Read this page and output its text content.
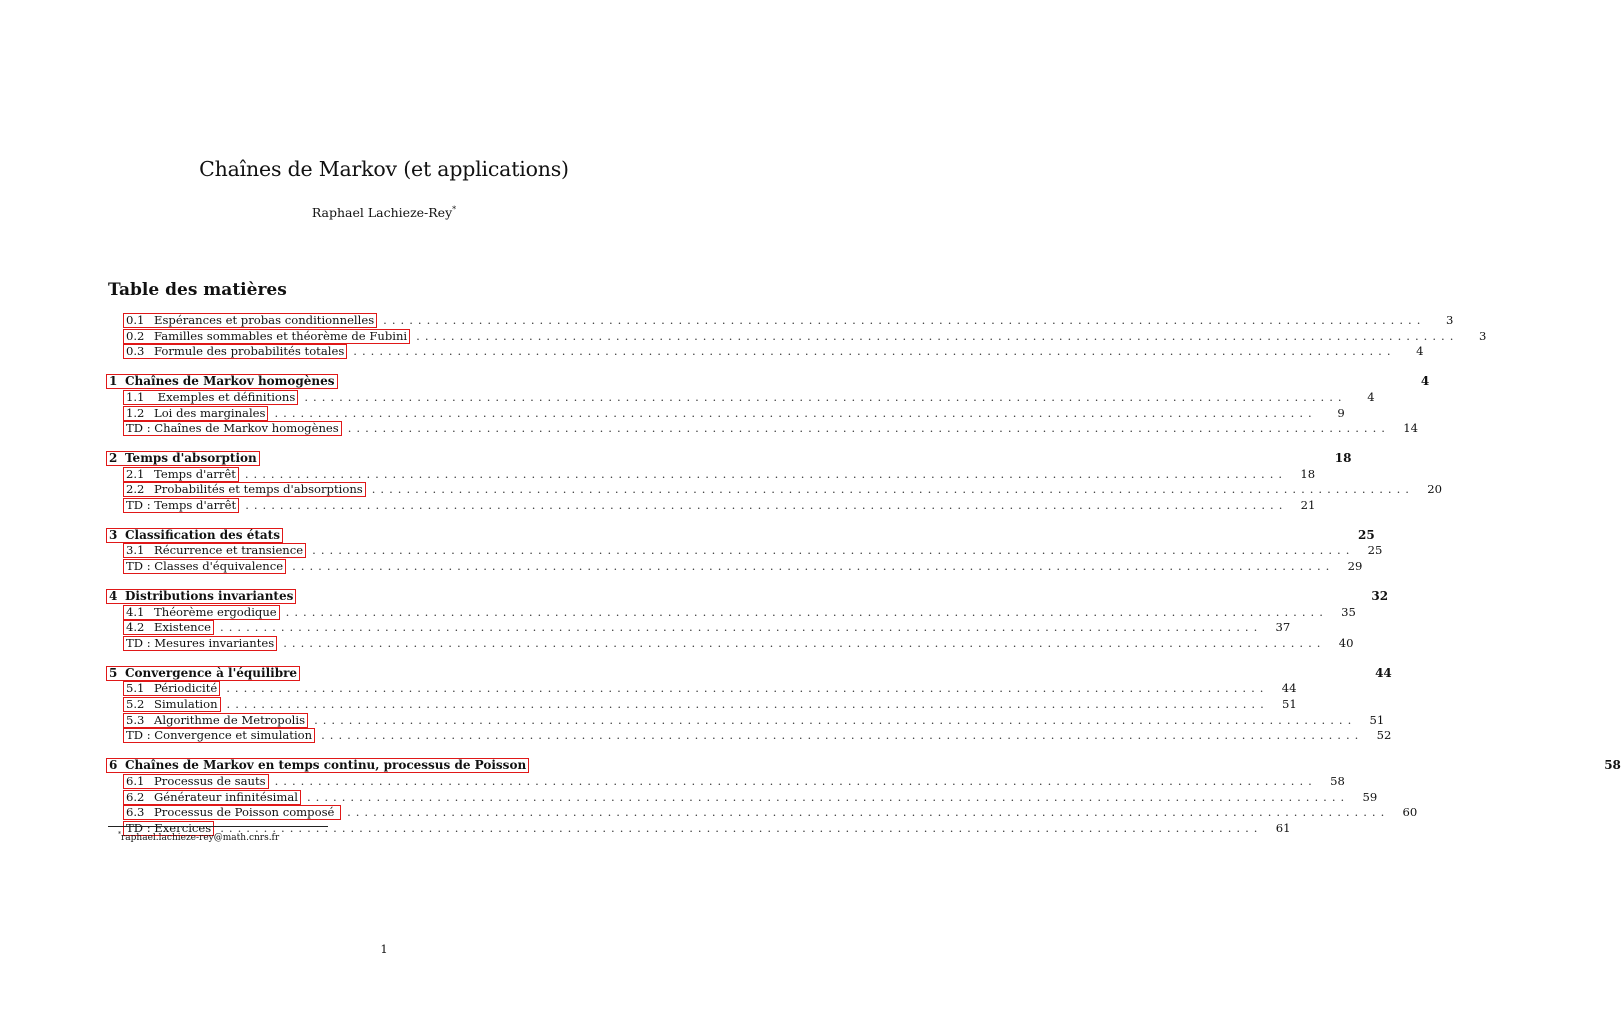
Chaînes de Markov (et applications)
Raphael Lachieze-Rey*
Table des matières
0.1 Espérances et probas conditionnelles ........................................................................................................................	3
0.2 Familles sommables et théorème de Fubini ........................................................................................................................	3
0.3 Formule des probabilités totales ........................................................................................................................	4
1 Chaînes de Markov homogènes	4
1.1 Exemples et définitions ........................................................................................................................	4
1.2 Loi des marginales ........................................................................................................................	9
TD : Chaînes de Markov homogènes ........................................................................................................................	14
2 Temps d'absorption	18
2.1 Temps d'arrêt ........................................................................................................................	18
2.2 Probabilités et temps d'absorptions ........................................................................................................................	20
TD : Temps d'arrêt ........................................................................................................................	21
3 Classification des états	25
3.1 Récurrence et transience ........................................................................................................................	25
TD : Classes d'équivalence ........................................................................................................................	29
4 Distributions invariantes	32
4.1 Théorème ergodique ........................................................................................................................	35
4.2 Existence ........................................................................................................................	37
TD : Mesures invariantes ........................................................................................................................	40
5 Convergence à l'équilibre	44
5.1 Périodicité ........................................................................................................................	44
5.2 Simulation ........................................................................................................................	51
5.3 Algorithme de Metropolis ........................................................................................................................	51
TD : Convergence et simulation ........................................................................................................................	52
6 Chaînes de Markov en temps continu, processus de Poisson	58
6.1 Processus de sauts ........................................................................................................................	58
6.2 Générateur infinitésimal ........................................................................................................................	59
6.3 Processus de Poisson composé ........................................................................................................................	60
TD : Exercices ........................................................................................................................	61
*raphael.lachieze-rey@math.cnrs.fr
1
